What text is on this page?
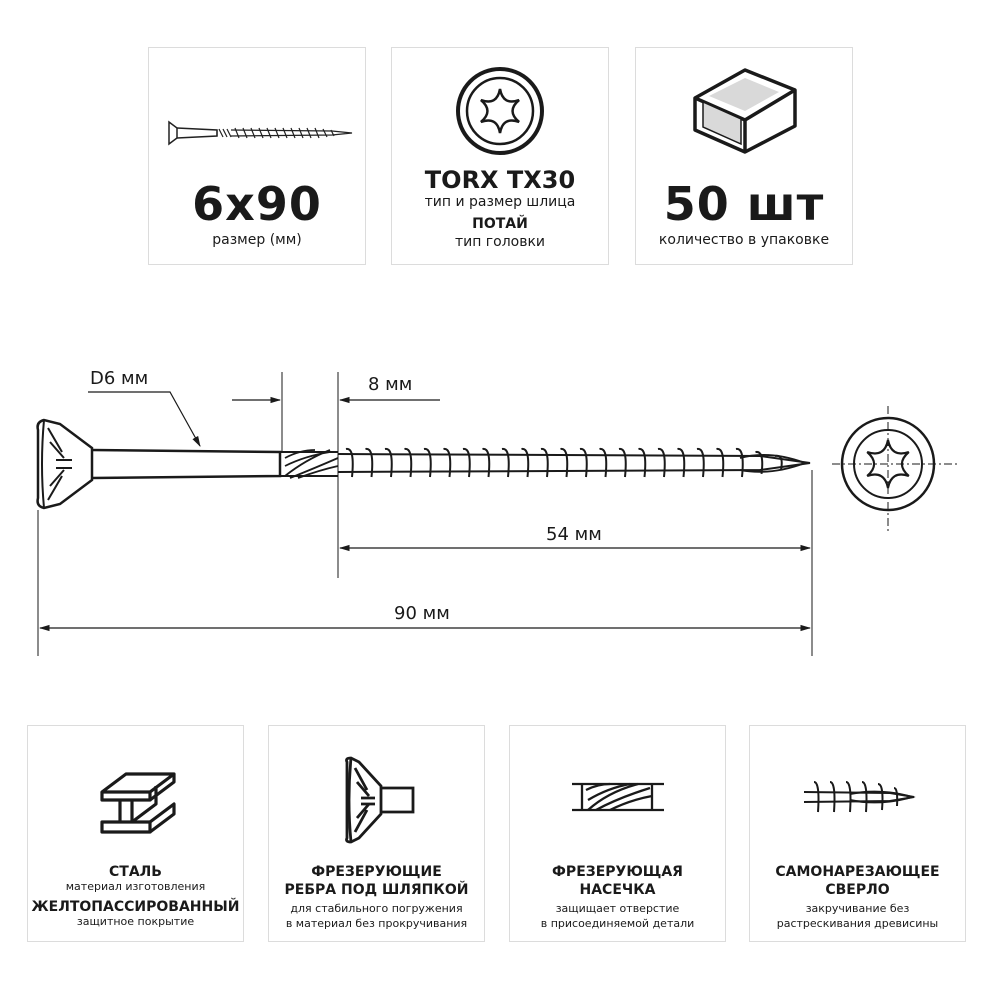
6x90
размер (мм)
TORX TX30
тип и размер шлица
ПОТАЙ
тип головки
50 шт
количество в упаковке
D6 мм	8 мм
54 мм
90 мм
СТАЛЬ
материал изготовления
ЖЕЛТОПАССИРОВАННЫЙ
защитное покрытие
ФРЕЗЕРУЮЩИЕ
РЕБРА ПОД ШЛЯПКОЙ
для стабильного погружения
в материал без прокручивания
ФРЕЗЕРУЮЩАЯ
НАСЕЧКА
защищает отверстие
в присоединяемой детали
САМОНАРЕЗАЮЩЕЕ
СВЕРЛО
закручивание без
растрескивания древисины
